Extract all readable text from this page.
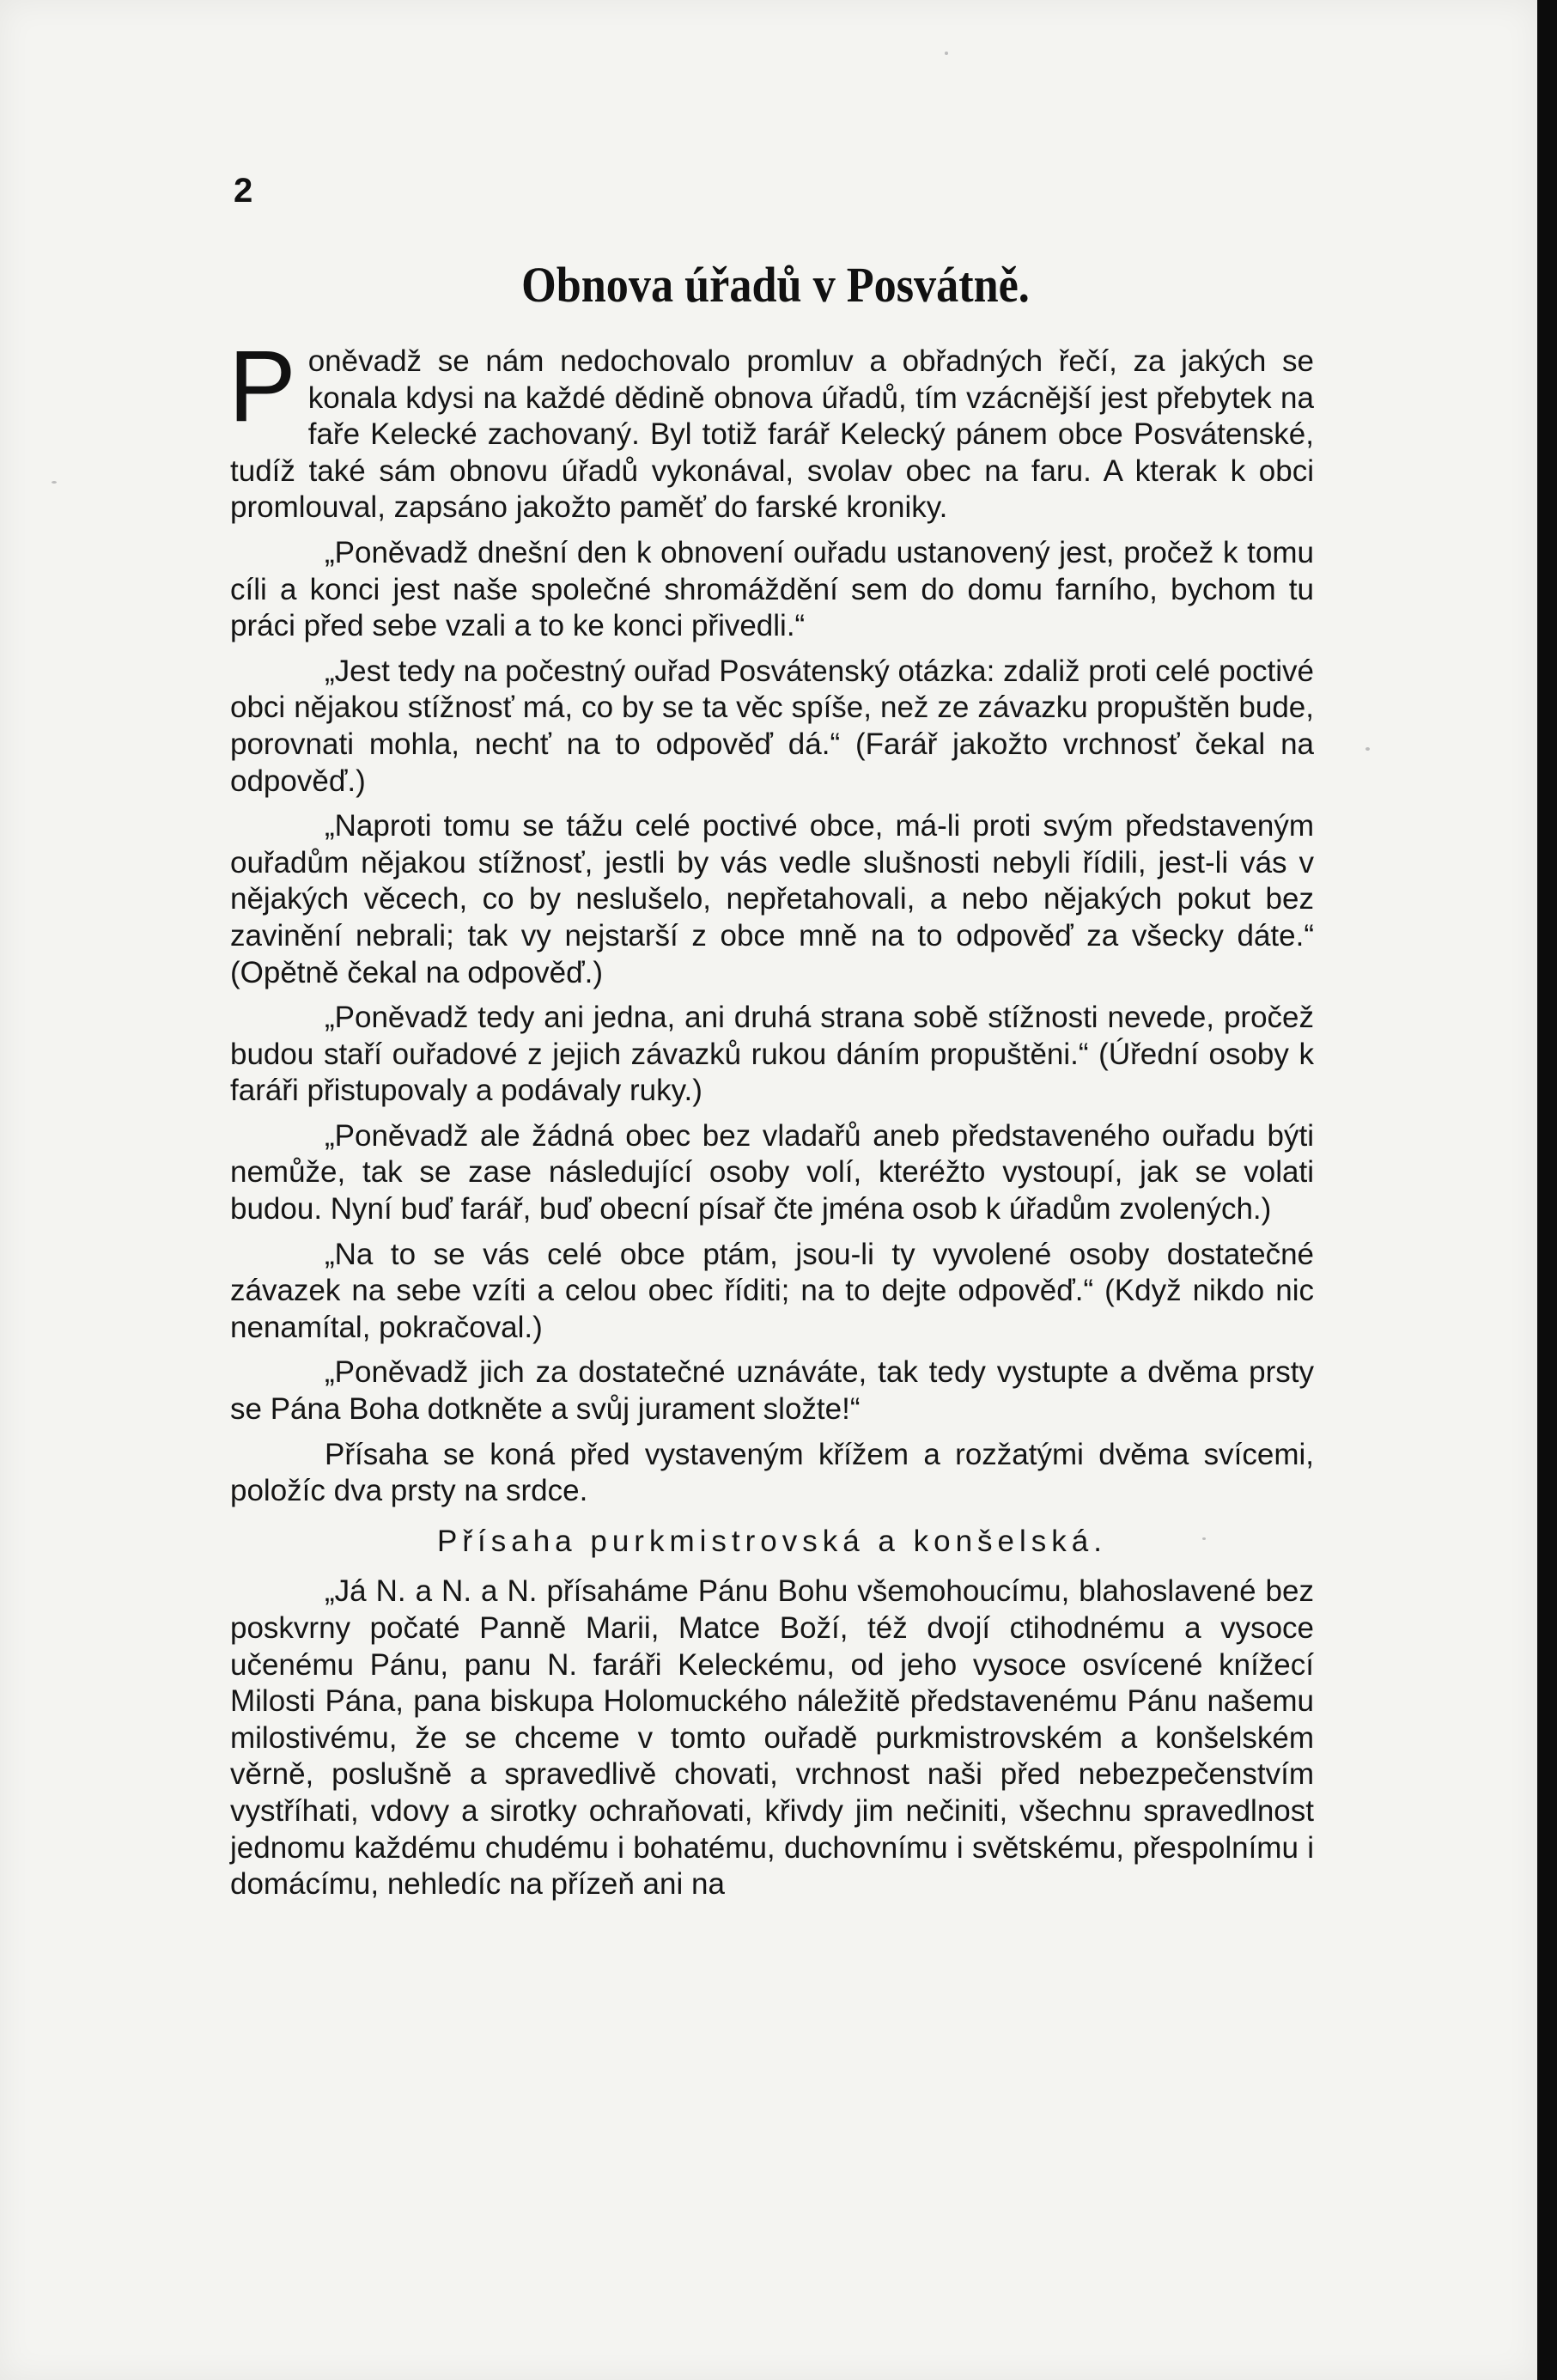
2
Obnova úřadů v Posvátně.

Poněvadž se nám nedochovalo promluv a obřadných řečí, za jakých se konala kdysi na každé dědině obnova úřadů, tím vzácnější jest přebytek na faře Kelecké zachovaný. Byl totiž farář Kelecký pánem obce Posvátenské, tudíž také sám obnovu úřadů vykonával, svolav obec na faru. A kterak k obci promlouval, zapsáno jakožto paměť do farské kroniky.

„Poněvadž dnešní den k obnovení ouřadu ustanovený jest, pročež k tomu cíli a konci jest naše společné shromáždění sem do domu farního, bychom tu práci před sebe vzali a to ke konci přivedli.“

„Jest tedy na počestný ouřad Posvátenský otázka: zdaliž proti celé poctivé obci nějakou stížnosť má, co by se ta věc spíše, než ze závazku propuštěn bude, porovnati mohla, nechť na to odpověď dá.“ (Farář jakožto vrchnosť čekal na odpověď.)

„Naproti tomu se tážu celé poctivé obce, má-li proti svým představeným ouřadům nějakou stížnosť, jestli by vás vedle slušnosti nebyli řídili, jest-li vás v nějakých věcech, co by neslušelo, nepřetahovali, a nebo nějakých pokut bez zavinění nebrali; tak vy nejstarší z obce mně na to odpověď za všecky dáte.“ (Opětně čekal na odpověď.)

„Poněvadž tedy ani jedna, ani druhá strana sobě stížnosti nevede, pročež budou staří ouřadové z jejich závazků rukou dáním propuštěni.“ (Úřední osoby k faráři přistupovaly a podávaly ruky.)

„Poněvadž ale žádná obec bez vladařů aneb představeného ouřadu býti nemůže, tak se zase následující osoby volí, kteréžto vystoupí, jak se volati budou. Nyní buď farář, buď obecní písař čte jména osob k úřadům zvolených.)

„Na to se vás celé obce ptám, jsou-li ty vyvolené osoby dostatečné závazek na sebe vzíti a celou obec říditi; na to dejte odpověď.“ (Když nikdo nic nenamítal, pokračoval.)

„Poněvadž jich za dostatečné uznáváte, tak tedy vystupte a dvěma prsty se Pána Boha dotkněte a svůj jurament složte!“

Přísaha se koná před vystaveným křížem a rozžatými dvěma svícemi, položíc dva prsty na srdce.

Přísaha purkmistrovská a konšelská.

„Já N. a N. a N. přísaháme Pánu Bohu všemohoucímu, blahoslavené bez poskvrny počaté Panně Marii, Matce Boží, též dvojí ctihodnému a vysoce učenému Pánu, panu N. faráři Keleckému, od jeho vysoce osvícené knížecí Milosti Pána, pana biskupa Holomuckého náležitě představenému Pánu našemu milostivému, že se chceme v tomto ouřadě purkmistrovském a konšelském věrně, poslušně a spravedlivě chovati, vrchnost naši před nebezpečenstvím vystříhati, vdovy a sirotky ochraňovati, křivdy jim nečiniti, všechnu spravedlnost jednomu každému chudému i bohatému, duchovnímu i světskému, přespolnímu i domácímu, nehledíc na přízeň ani na
